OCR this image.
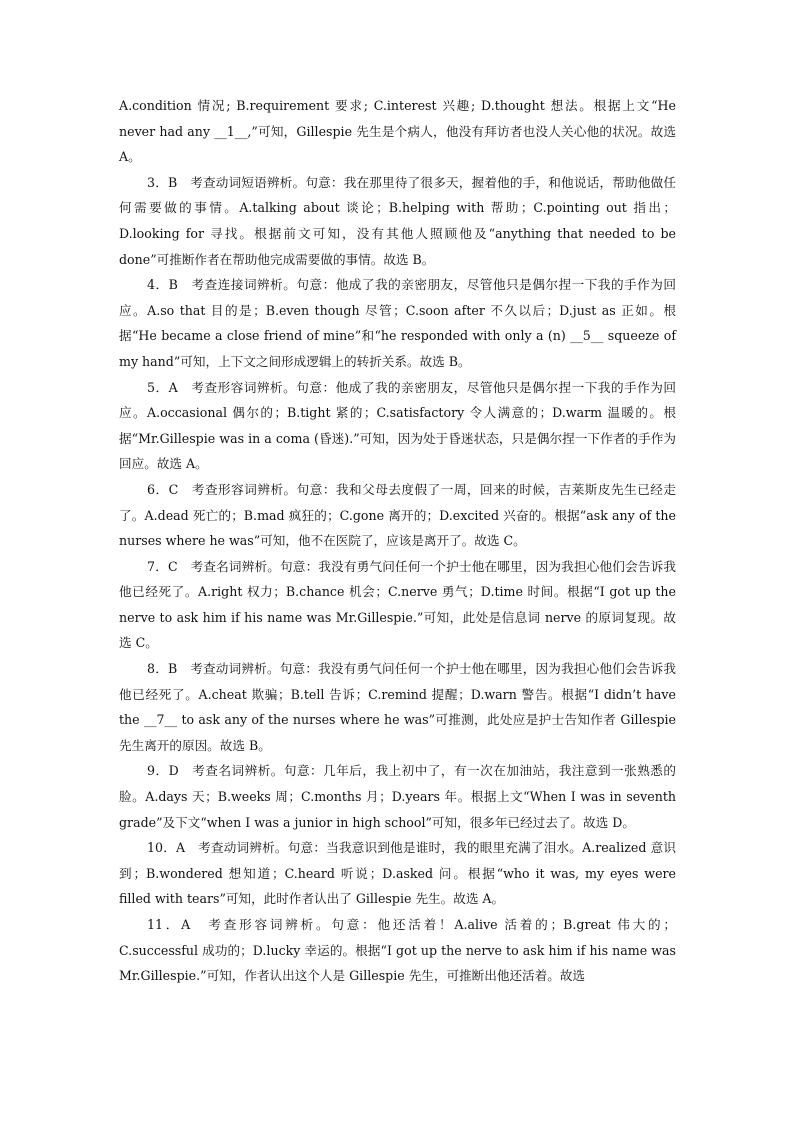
A.condition 情况; B.requirement 要求; C.interest 兴趣; D.thought 想法。根据上文“He never had any __1__,”可知，Gillespie 先生是个病人，他没有拜访者也没人关心他的状况。故选 A。

3．B　考查动词短语辨析。句意：我在那里待了很多天，握着他的手，和他说话，帮助他做任何需要做的事情。A.talking about 谈论；B.helping with 帮助；C.pointing out 指出；D.looking for 寻找。根据前文可知，没有其他人照顾他及“anything that needed to be done”可推断作者在帮助他完成需要做的事情。故选 B。

4．B　考查连接词辨析。句意：他成了我的亲密朋友，尽管他只是偶尔捏一下我的手作为回应。A.so that 目的是；B.even though 尽管；C.soon after 不久以后；D.just as 正如。根据“He became a close friend of mine”和“he responded with only a (n) __5__ squeeze of my hand”可知，上下文之间形成逻辑上的转折关系。故选 B。

5．A　考查形容词辨析。句意：他成了我的亲密朋友，尽管他只是偶尔捏一下我的手作为回应。A.occasional 偶尔的；B.tight 紧的；C.satisfactory 令人满意的；D.warm 温暖的。根据“Mr.Gillespie was in a coma (昏迷).”可知，因为处于昏迷状态，只是偶尔捏一下作者的手作为回应。故选 A。

6．C　考查形容词辨析。句意：我和父母去度假了一周，回来的时候，吉莱斯皮先生已经走了。A.dead 死亡的；B.mad 疯狂的；C.gone 离开的；D.excited 兴奋的。根据“ask any of the nurses where he was”可知，他不在医院了，应该是离开了。故选 C。

7．C　考查名词辨析。句意：我没有勇气问任何一个护士他在哪里，因为我担心他们会告诉我他已经死了。A.right 权力；B.chance 机会；C.nerve 勇气；D.time 时间。根据“I got up the nerve to ask him if his name was Mr.Gillespie.”可知，此处是信息词 nerve 的原词复现。故选 C。

8．B　考查动词辨析。句意：我没有勇气问任何一个护士他在哪里，因为我担心他们会告诉我他已经死了。A.cheat 欺骗；B.tell 告诉；C.remind 提醒；D.warn 警告。根据“I didn’t have the __7__ to ask any of the nurses where he was”可推测，此处应是护士告知作者 Gillespie 先生离开的原因。故选 B。

9．D　考查名词辨析。句意：几年后，我上初中了，有一次在加油站，我注意到一张熟悉的脸。A.days 天；B.weeks 周；C.months 月；D.years 年。根据上文“When I was in seventh grade”及下文“when I was a junior in high school”可知，很多年已经过去了。故选 D。

10．A　考查动词辨析。句意：当我意识到他是谁时，我的眼里充满了泪水。A.realized 意识到；B.wondered 想知道；C.heard 听说；D.asked 问。根据“who it was, my eyes were filled with tears”可知，此时作者认出了 Gillespie 先生。故选 A。

11．A　考查形容词辨析。句意：他还活着！A.alive 活着的；B.great 伟大的；C.successful 成功的；D.lucky 幸运的。根据“I got up the nerve to ask him if his name was Mr.Gillespie.”可知，作者认出这个人是 Gillespie 先生，可推断出他还活着。故选
